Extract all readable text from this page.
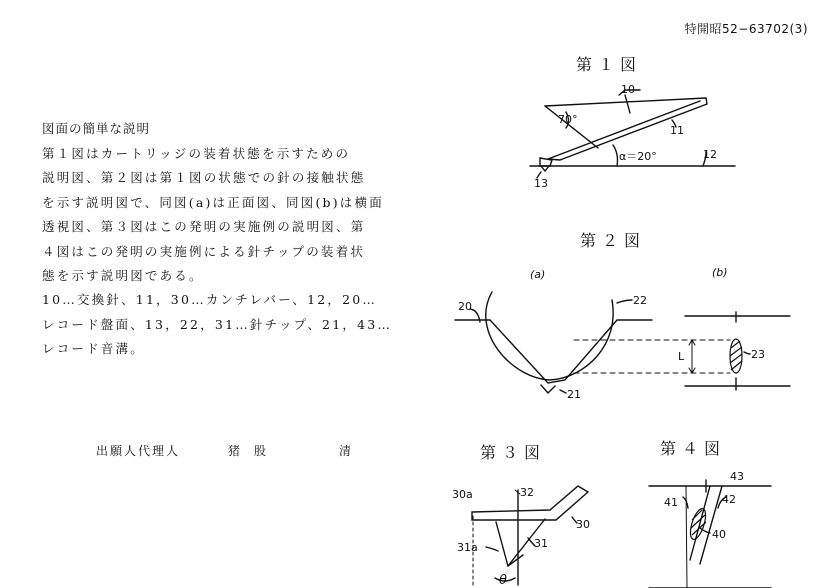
特開昭52−63702(3)
図面の簡単な説明

第１図はカートリッジの装着状態を示すための

説明図、第２図は第１図の状態での針の接触状態

を示す説明図で、同図(a)は正面図、同図(b)は横面

透視図、第３図はこの発明の実施例の説明図、第

４図はこの発明の実施例による針チップの装着状

態を示す説明図である。

10…交換針、11，30…カンチレバー、12，20…

レコード盤面、13，22，31…針チップ、21，43…

レコード音溝。

出願人代理人	猪股	清
第１図
第２図
第３図	第４図
10
70°
11
12
α＝20°
13
(a)	(b)
20	22
21
L	23
30a	32
30
31a	31
θ
43
41	42
40
